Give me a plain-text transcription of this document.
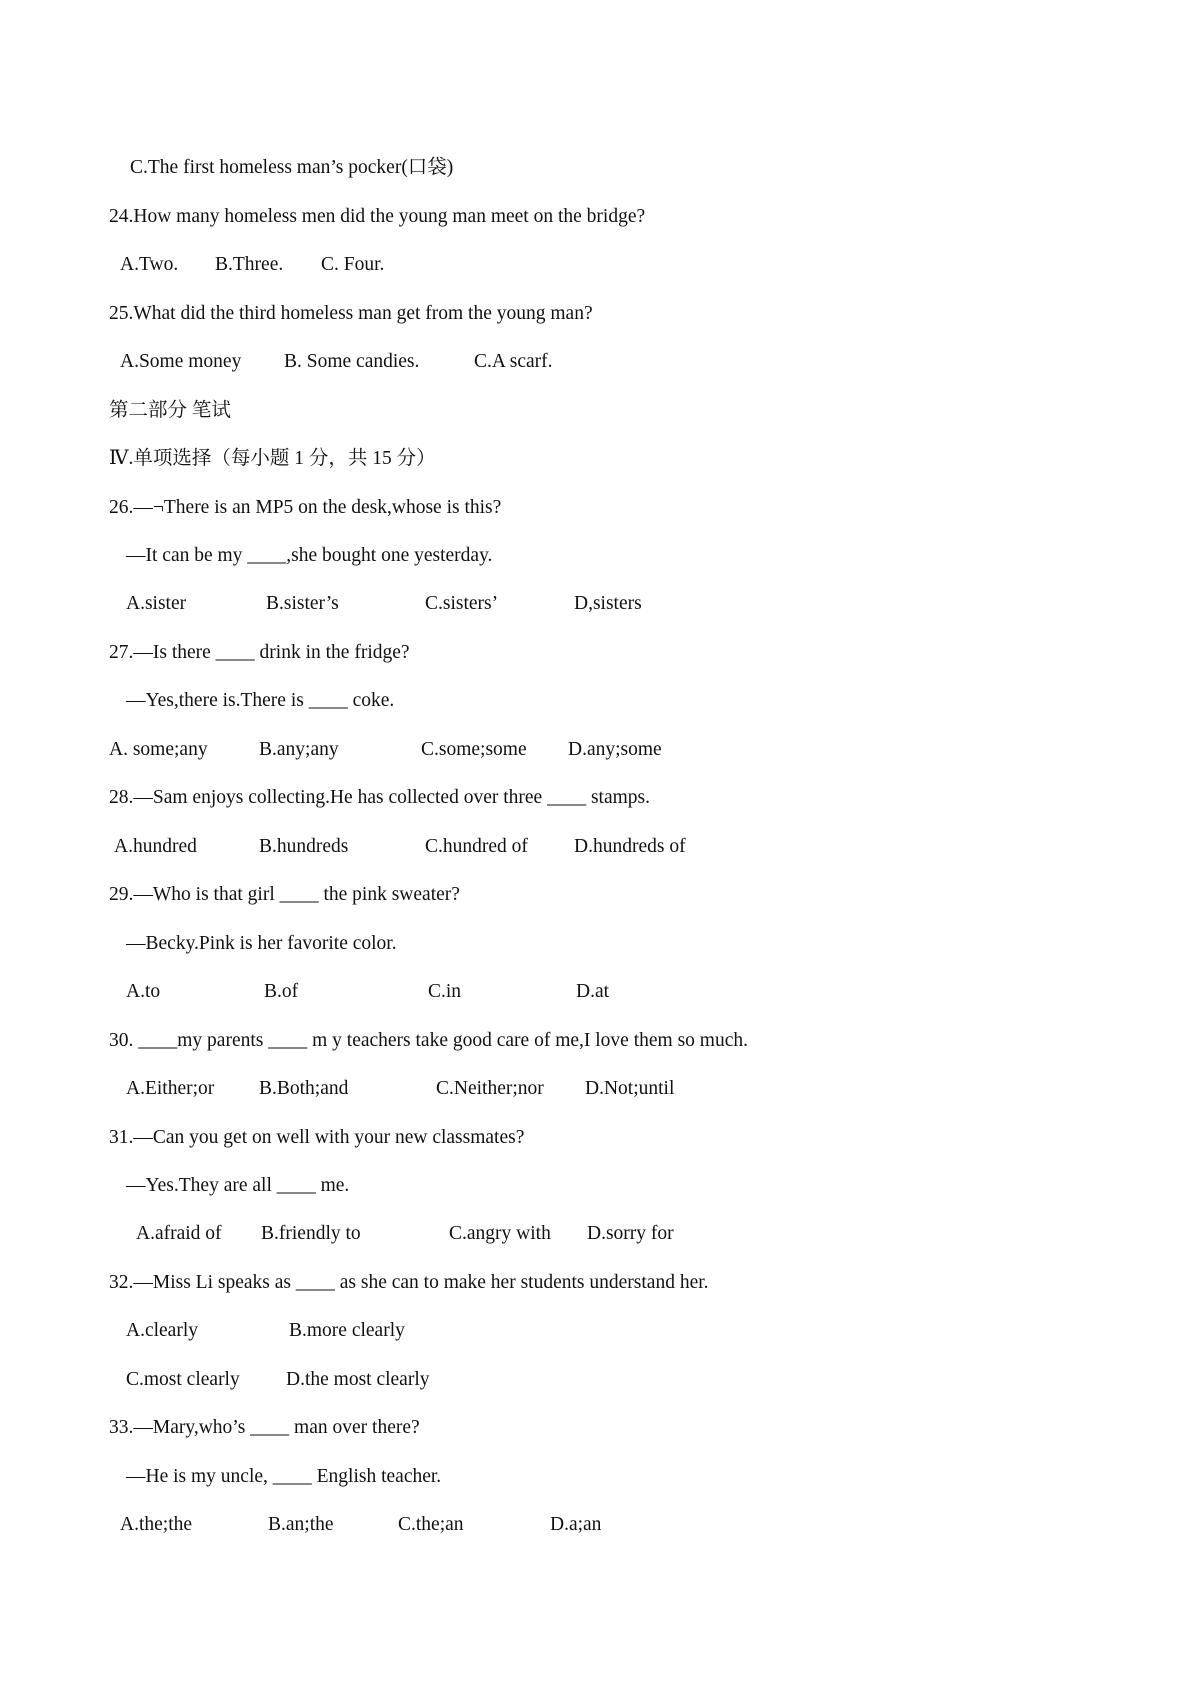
C.The first homeless man’s pocker(口袋)
24.How many homeless men did the young man meet on the bridge?
A.Two. B.Three. C. Four.
25.What did the third homeless man get from the young man?
A.Some money B. Some candies.	C.A scarf.
第二部分 笔试
Ⅳ.单项选择（每小题 1 分，共 15 分）
26.—¬There is an MP5 on the desk,whose is this?
—It can be my ____,she bought one yesterday.
A.sister	B.sister’s	C.sisters’	D,sisters
27.—Is there ____ drink in the fridge?
—Yes,there is.There is ____ coke.
A. some;any	B.any;any	C.some;some D.any;some
28.—Sam enjoys collecting.He has collected over three ____ stamps.
A.hundred	B.hundreds	C.hundred of D.hundreds of
29.—Who is that girl ____ the pink sweater?
—Becky.Pink is her favorite color.
A.to	B.of	C.in	D.at
30. ____my parents ____ m y teachers take good care of me,I love them so much.
A.Either;or B.Both;and	C.Neither;nor D.Not;until
31.—Can you get on well with your new classmates?
—Yes.They are all ____ me.
A.afraid of B.friendly to	C.angry with D.sorry for
32.—Miss Li speaks as ____ as she can to make her students understand her.
A.clearly	B.more clearly
C.most clearly D.the most clearly
33.—Mary,who’s ____ man over there?
—He is my uncle, ____ English teacher.
A.the;the	B.an;the	C.the;an	D.a;an
